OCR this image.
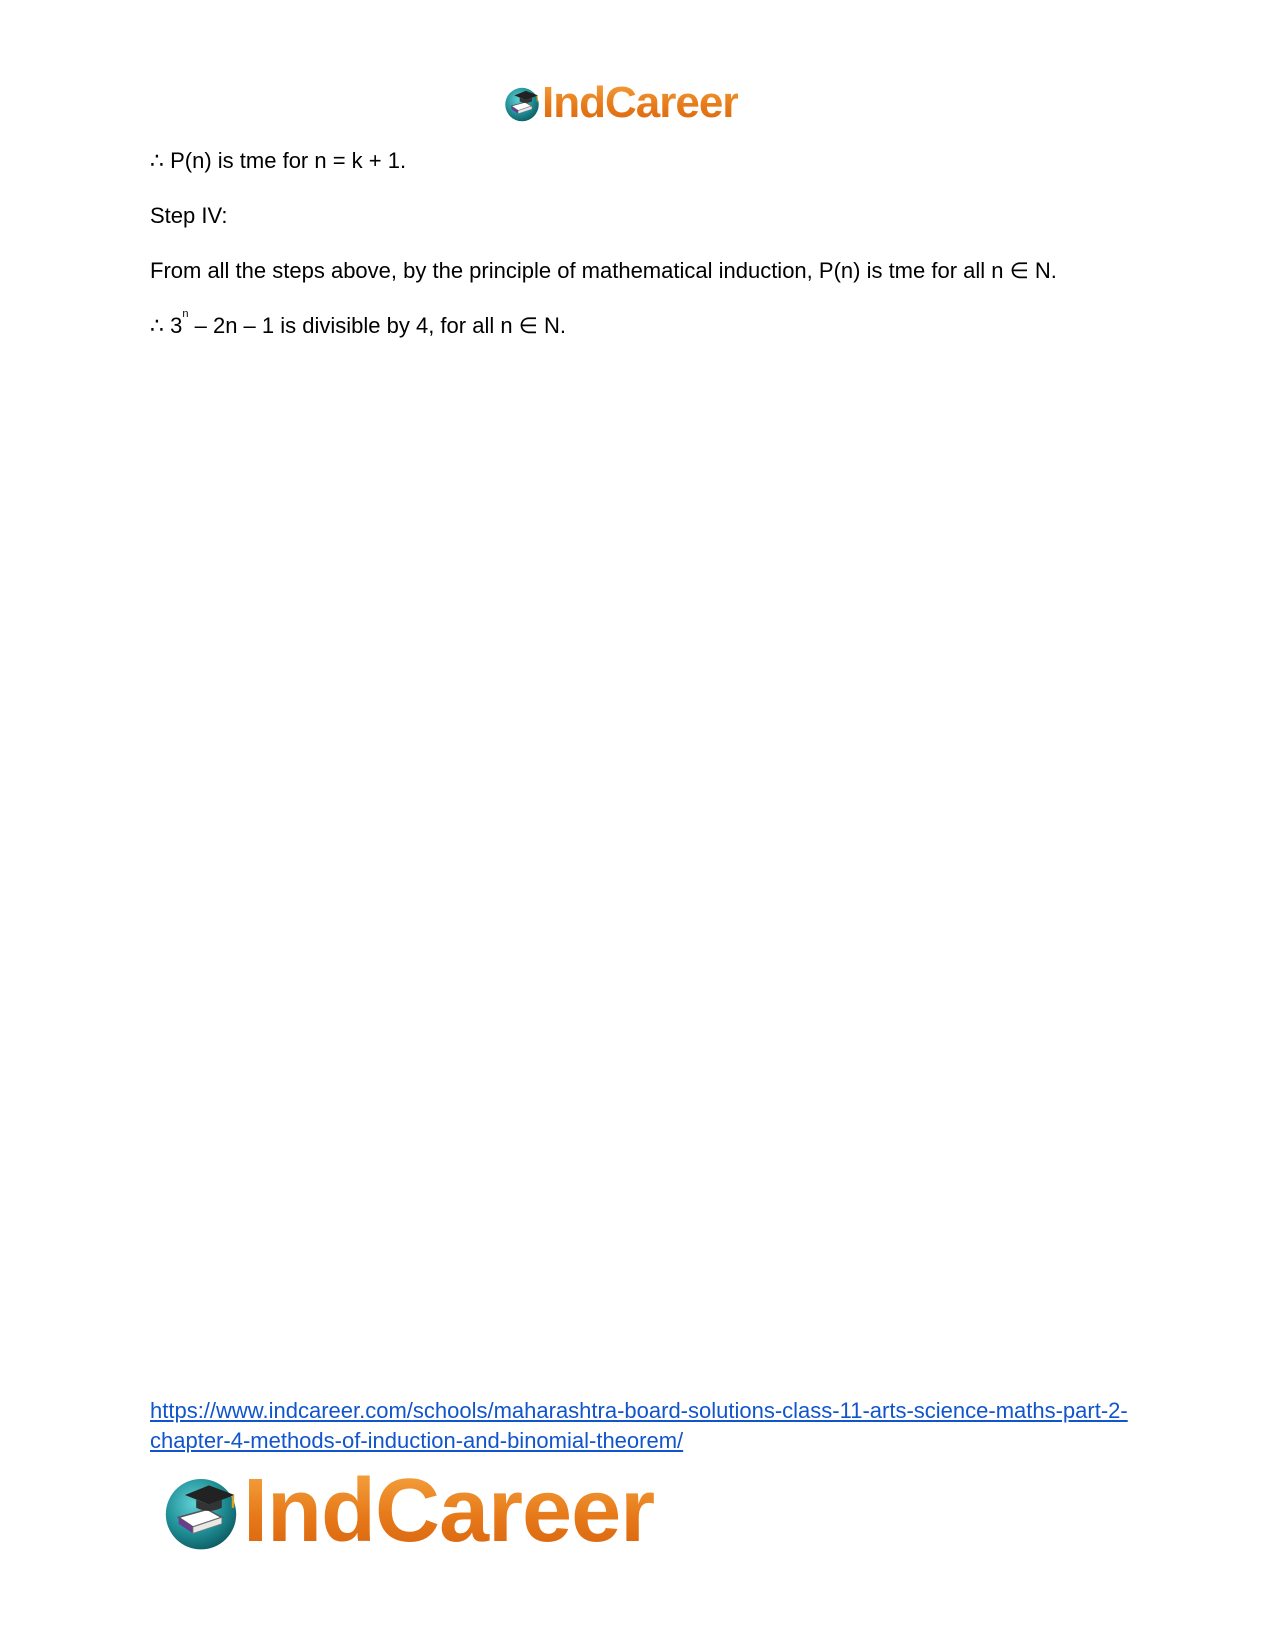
IndCareer

∴ P(n) is tme for n = k + 1.

Step IV:

From all the steps above, by the principle of mathematical induction, P(n) is tme for all n ∈ N.

∴ 3$^n$ – 2n – 1 is divisible by 4, for all n ∈ N.

https://www.indcareer.com/schools/maharashtra-board-solutions-class-11-arts-science-maths-part-2-chapter-4-methods-of-induction-and-binomial-theorem/
IndCareer
